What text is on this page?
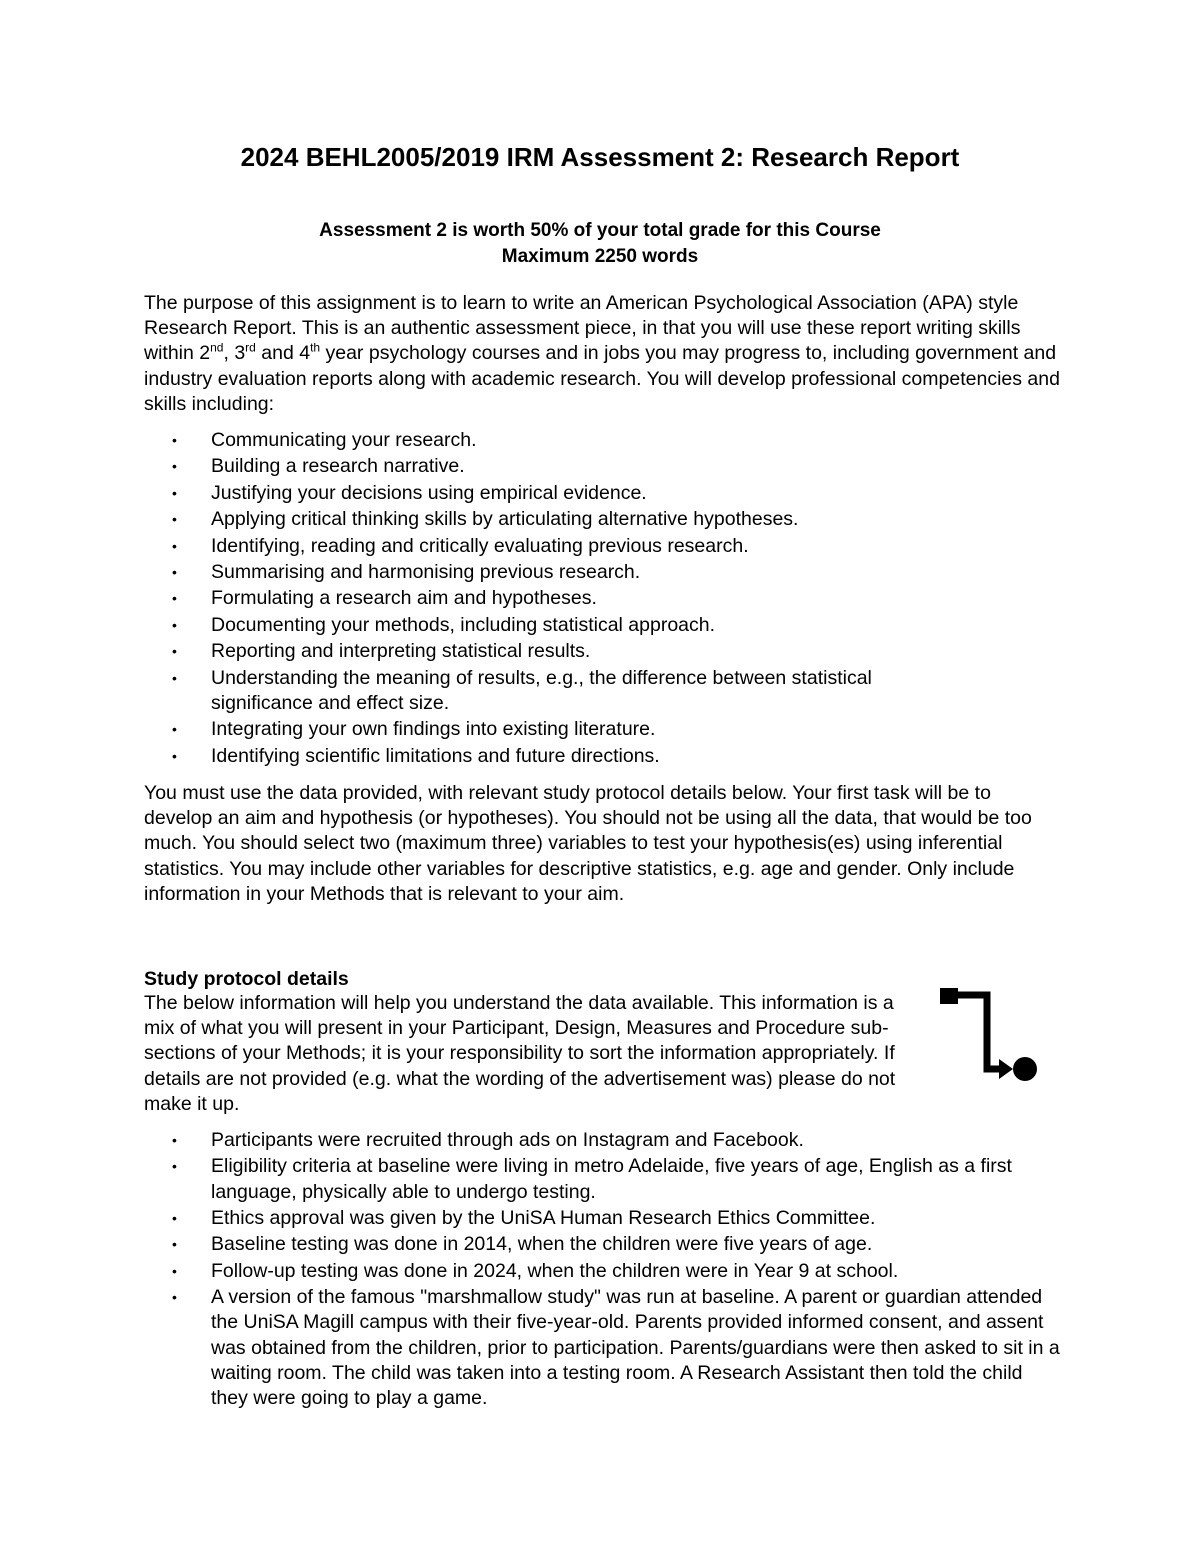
2024 BEHL2005/2019 IRM Assessment 2: Research Report
Assessment 2 is worth 50% of your total grade for this Course
Maximum 2250 words

The purpose of this assignment is to learn to write an American Psychological Association (APA) style Research Report. This is an authentic assessment piece, in that you will use these report writing skills within 2nd, 3rd and 4th year psychology courses and in jobs you may progress to, including government and industry evaluation reports along with academic research. You will develop professional competencies and skills including:

• Communicating your research.
• Building a research narrative.
• Justifying your decisions using empirical evidence.
• Applying critical thinking skills by articulating alternative hypotheses.
• Identifying, reading and critically evaluating previous research.
• Summarising and harmonising previous research.
• Formulating a research aim and hypotheses.
• Documenting your methods, including statistical approach.
• Reporting and interpreting statistical results.
• Understanding the meaning of results, e.g., the difference between statistical significance and effect size.
• Integrating your own findings into existing literature.
• Identifying scientific limitations and future directions.

You must use the data provided, with relevant study protocol details below. Your first task will be to develop an aim and hypothesis (or hypotheses). You should not be using all the data, that would be too much. You should select two (maximum three) variables to test your hypothesis(es) using inferential statistics. You may include other variables for descriptive statistics, e.g. age and gender. Only include information in your Methods that is relevant to your aim.

Study protocol details

The below information will help you understand the data available. This information is a mix of what you will present in your Participant, Design, Measures and Procedure sub-sections of your Methods; it is your responsibility to sort the information appropriately. If details are not provided (e.g. what the wording of the advertisement was) please do not make it up.

• Participants were recruited through ads on Instagram and Facebook.
• Eligibility criteria at baseline were living in metro Adelaide, five years of age, English as a first language, physically able to undergo testing.
• Ethics approval was given by the UniSA Human Research Ethics Committee.
• Baseline testing was done in 2014, when the children were five years of age.
• Follow-up testing was done in 2024, when the children were in Year 9 at school.
• A version of the famous "marshmallow study" was run at baseline. A parent or guardian attended the UniSA Magill campus with their five-year-old. Parents provided informed consent, and assent was obtained from the children, prior to participation. Parents/guardians were then asked to sit in a waiting room. The child was taken into a testing room. A Research Assistant then told the child they were going to play a game.
